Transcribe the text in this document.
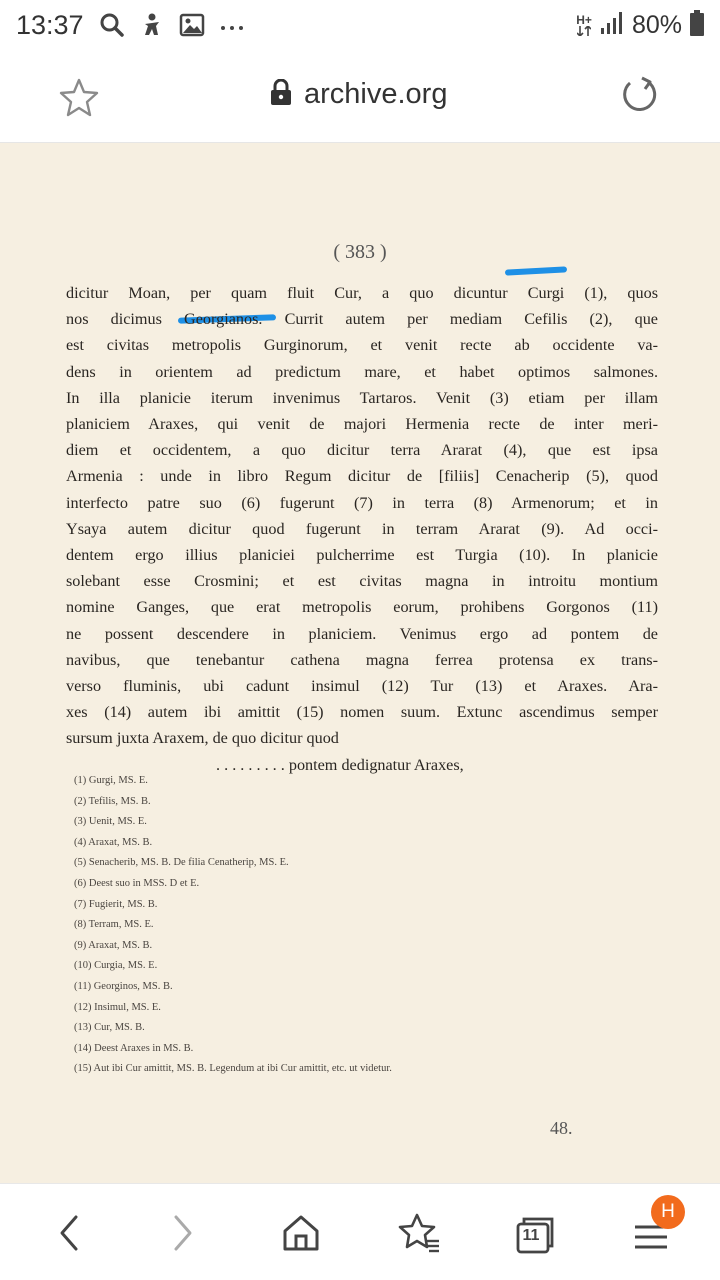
13:37	H+ 80%
archive.org
( 383 )
dicitur Moan, per quam fluit Cur, a quo dicuntur Curgi (1), quos
nos dicimus Georgianos. Currit autem per mediam Cefilis (2), que
est civitas metropolis Gurginorum, et venit recte ab occidente va-
dens in orientem ad predictum mare, et habet optimos salmones.
In illa planicie iterum invenimus Tartaros. Venit (3) etiam per illam
planiciem Araxes, qui venit de majori Hermenia recte de inter meri-
diem et occidentem, a quo dicitur terra Ararat (4), que est ipsa
Armenia : unde in libro Regum dicitur de [filiis] Cenacherip (5), quod
interfecto patre suo (6) fugerunt (7) in terra (8) Armenorum; et in
Ysaya autem dicitur quod fugerunt in terram Ararat (9). Ad occi-
dentem ergo illius planiciei pulcherrime est Turgia (10). In planicie
solebant esse Crosmini; et est civitas magna in introitu montium
nomine Ganges, que erat metropolis eorum, prohibens Gorgonos (11)
ne possent descendere in planiciem. Venimus ergo ad pontem de
navibus, que tenebantur cathena magna ferrea protensa ex trans-
verso fluminis, ubi cadunt insimul (12) Tur (13) et Araxes. Ara-
xes (14) autem ibi amittit (15) nomen suum. Extunc ascendimus semper
sursum juxta Araxem, de quo dicitur quod
. . . . . . . . . pontem dedignatur Araxes,
(1) Gurgi, MS. E.
(2) Tefilis, MS. B.
(3) Uenit, MS. E.
(4) Araxat, MS. B.
(5) Senacherib, MS. B. De filia Cenatherip, MS. E.
(6) Deest suo in MSS. D et E.
(7) Fugierit, MS. B.
(8) Terram, MS. E.
(9) Araxat, MS. B.
(10) Curgia, MS. E.
(11) Georginos, MS. B.
(12) Insimul, MS. E.
(13) Cur, MS. B.
(14) Deest Araxes in MS. B.
(15) Aut ibi Cur amittit, MS. B. Legendum at ibi Cur amittit, etc. ut videtur.
48.
11
H
